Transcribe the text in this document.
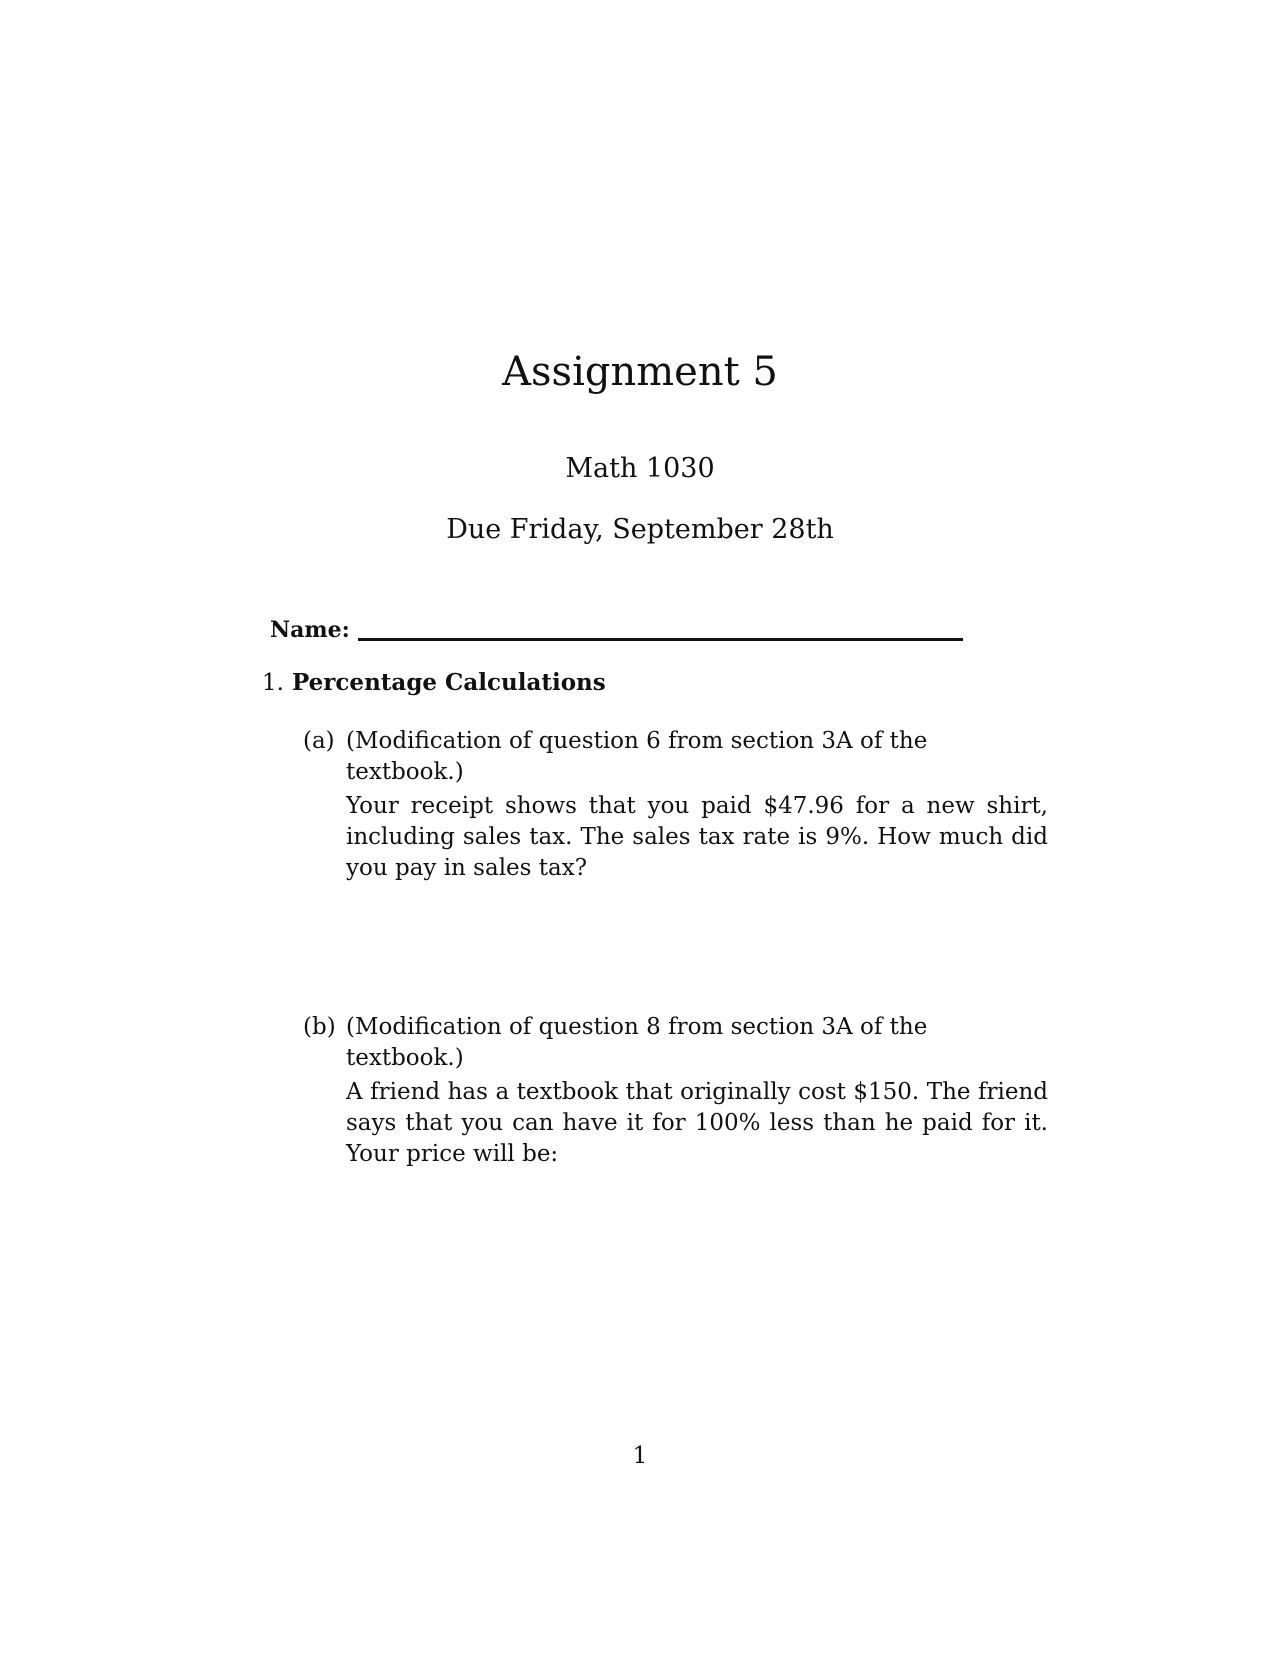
Assignment 5
Math 1030
Due Friday, September 28th
Name:
1. Percentage Calculations
(a) (Modification of question 6 from section 3A of the textbook.)
Your receipt shows that you paid $47.96 for a new shirt, including sales tax. The sales tax rate is 9%. How much did you pay in sales tax?
(b) (Modification of question 8 from section 3A of the textbook.)
A friend has a textbook that originally cost $150. The friend says that you can have it for 100% less than he paid for it. Your price will be:
1
